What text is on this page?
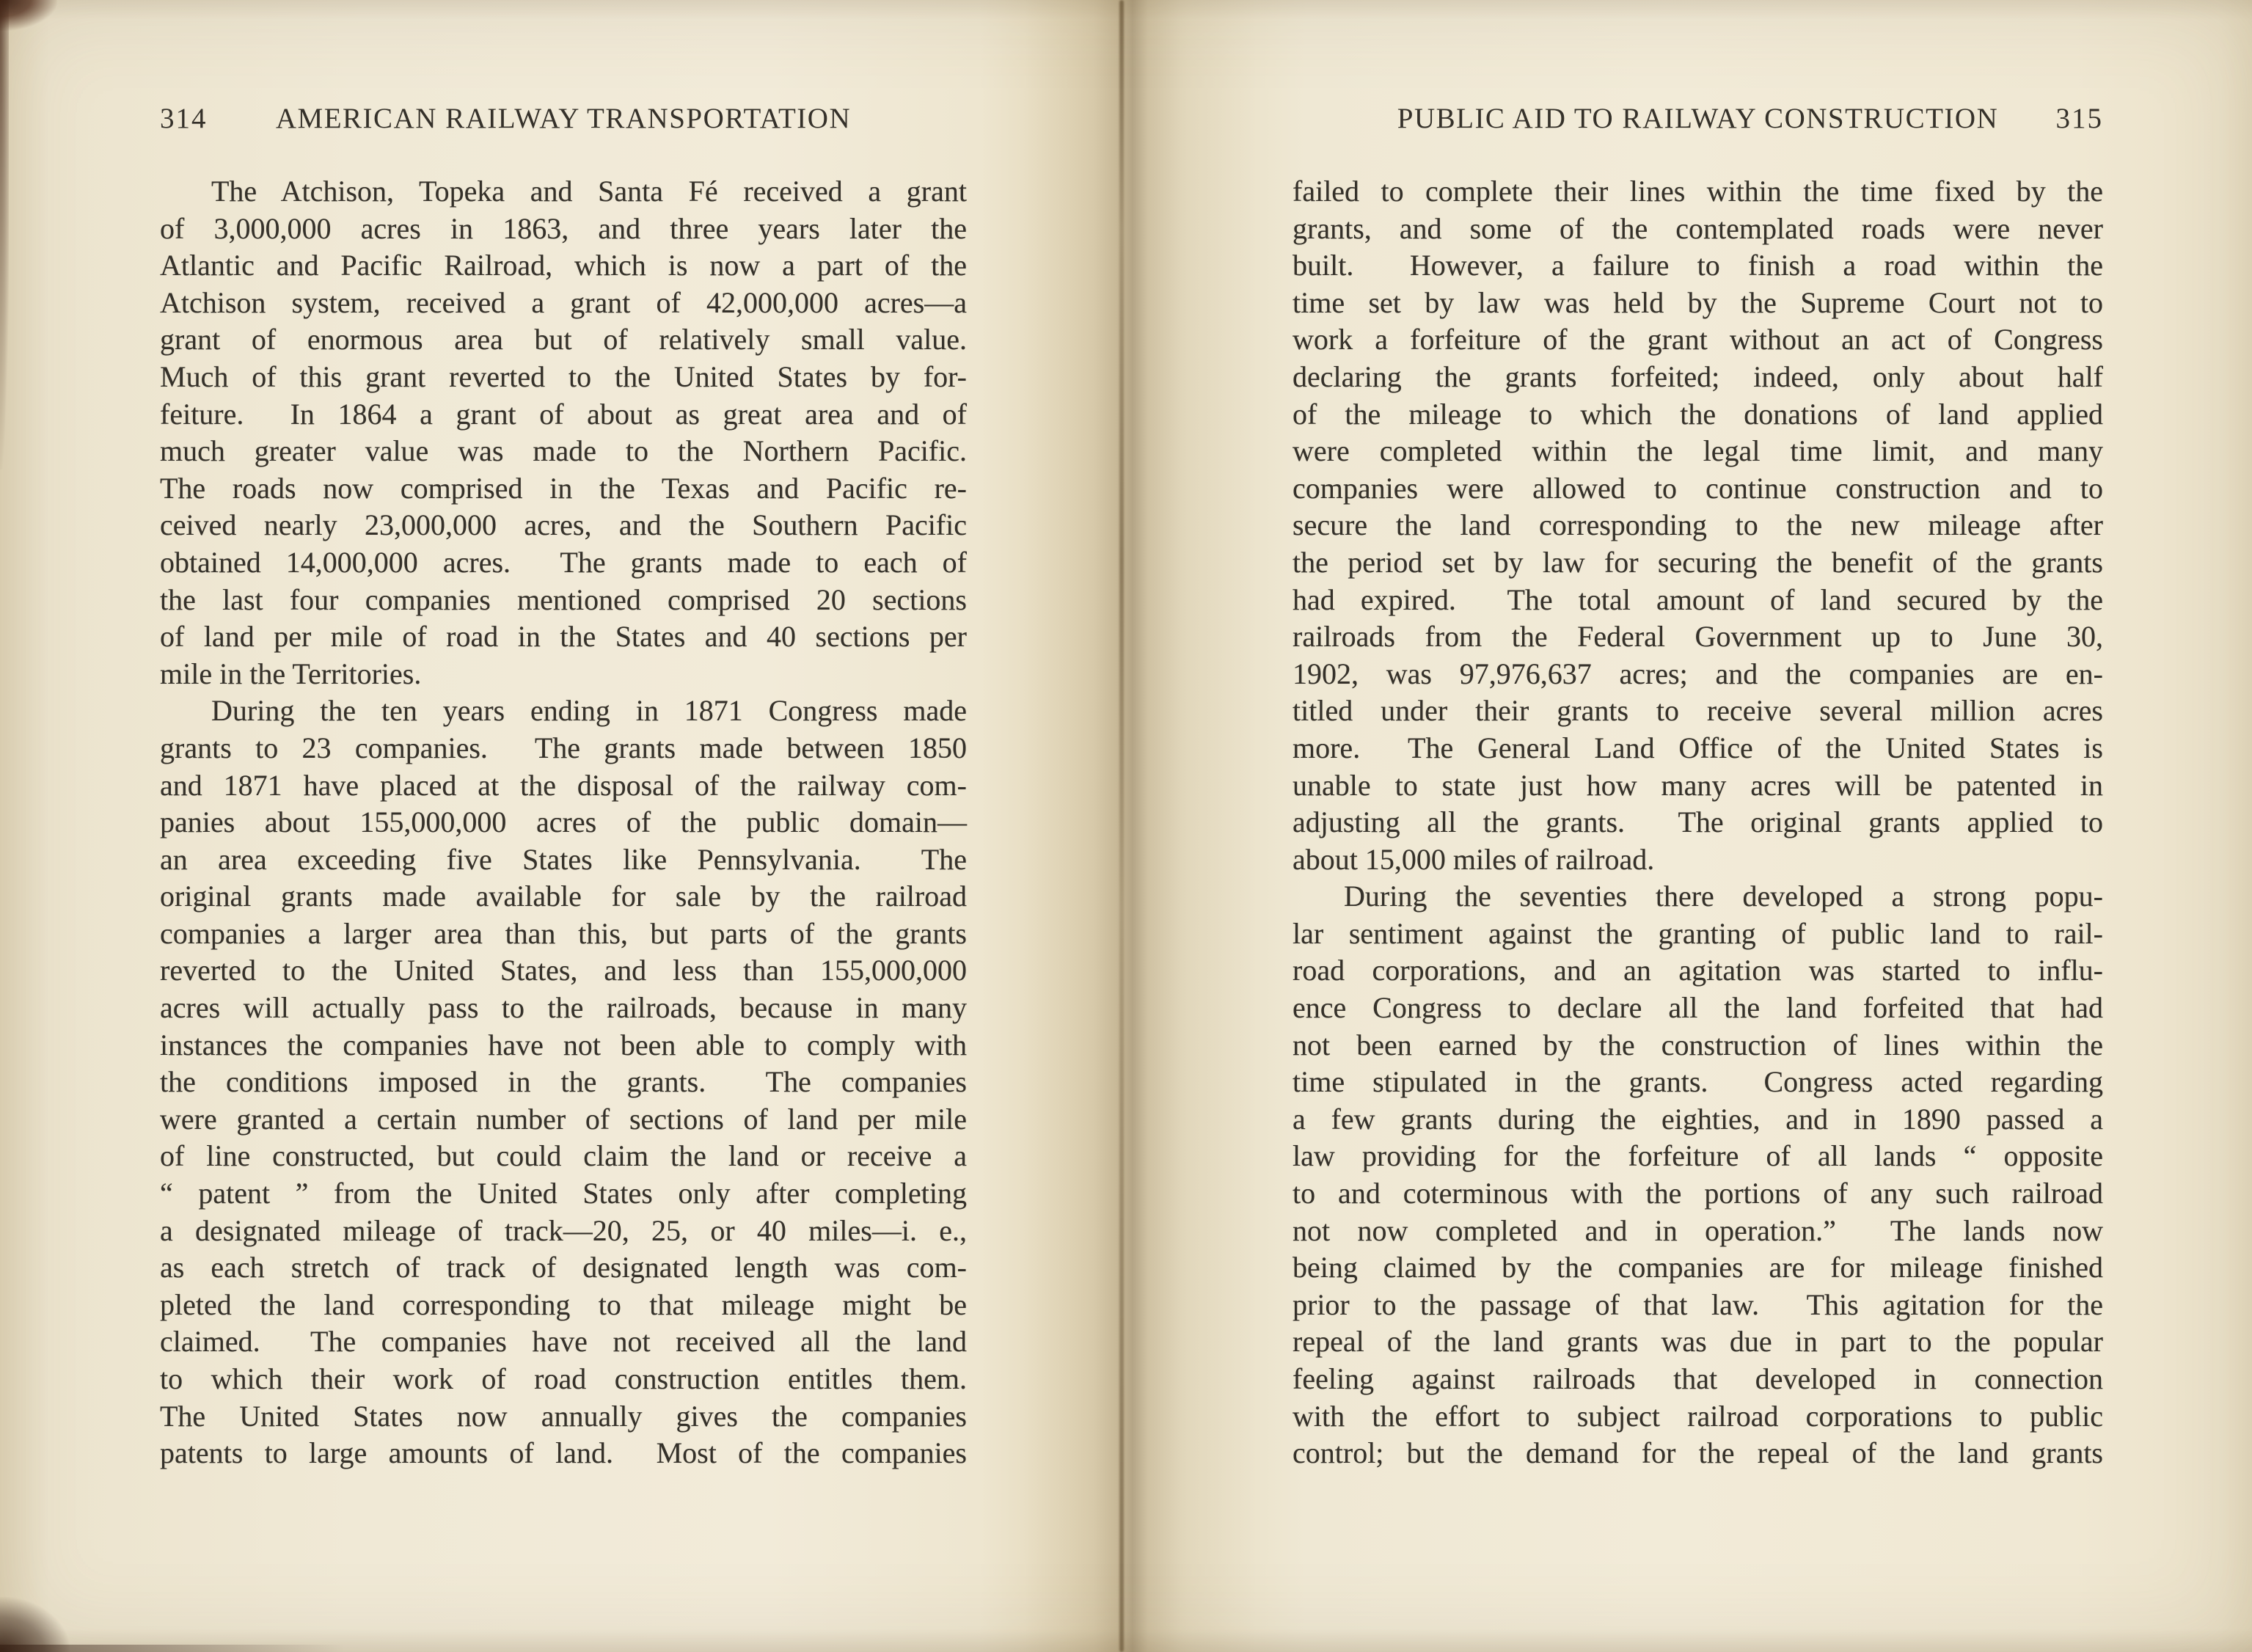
314 AMERICAN RAILWAY TRANSPORTATION
The Atchison, Topeka and Santa Fé received a grant
of 3,000,000 acres in 1863, and three years later the
Atlantic and Pacific Railroad, which is now a part of the
Atchison system, received a grant of 42,000,000 acres—a
grant of enormous area but of relatively small value.
Much of this grant reverted to the United States by for-
feiture.  In 1864 a grant of about as great area and of
much greater value was made to the Northern Pacific.
The roads now comprised in the Texas and Pacific re-
ceived nearly 23,000,000 acres, and the Southern Pacific
obtained 14,000,000 acres.  The grants made to each of
the last four companies mentioned comprised 20 sections
of land per mile of road in the States and 40 sections per
mile in the Territories.
During the ten years ending in 1871 Congress made
grants to 23 companies.  The grants made between 1850
and 1871 have placed at the disposal of the railway com-
panies about 155,000,000 acres of the public domain—
an area exceeding five States like Pennsylvania.  The
original grants made available for sale by the railroad
companies a larger area than this, but parts of the grants
reverted to the United States, and less than 155,000,000
acres will actually pass to the railroads, because in many
instances the companies have not been able to comply with
the conditions imposed in the grants.  The companies
were granted a certain number of sections of land per mile
of line constructed, but could claim the land or receive a
“ patent ” from the United States only after completing
a designated mileage of track—20, 25, or 40 miles—i. e.,
as each stretch of track of designated length was com-
pleted the land corresponding to that mileage might be
claimed.  The companies have not received all the land
to which their work of road construction entitles them.
The United States now annually gives the companies
patents to large amounts of land.  Most of the companies
PUBLIC AID TO RAILWAY CONSTRUCTION 315
failed to complete their lines within the time fixed by the
grants, and some of the contemplated roads were never
built.  However, a failure to finish a road within the
time set by law was held by the Supreme Court not to
work a forfeiture of the grant without an act of Congress
declaring the grants forfeited; indeed, only about half
of the mileage to which the donations of land applied
were completed within the legal time limit, and many
companies were allowed to continue construction and to
secure the land corresponding to the new mileage after
the period set by law for securing the benefit of the grants
had expired.  The total amount of land secured by the
railroads from the Federal Government up to June 30,
1902, was 97,976,637 acres; and the companies are en-
titled under their grants to receive several million acres
more.  The General Land Office of the United States is
unable to state just how many acres will be patented in
adjusting all the grants.  The original grants applied to
about 15,000 miles of railroad.
During the seventies there developed a strong popu-
lar sentiment against the granting of public land to rail-
road corporations, and an agitation was started to influ-
ence Congress to declare all the land forfeited that had
not been earned by the construction of lines within the
time stipulated in the grants.  Congress acted regarding
a few grants during the eighties, and in 1890 passed a
law providing for the forfeiture of all lands “ opposite
to and coterminous with the portions of any such railroad
not now completed and in operation.”  The lands now
being claimed by the companies are for mileage finished
prior to the passage of that law.  This agitation for the
repeal of the land grants was due in part to the popular
feeling against railroads that developed in connection
with the effort to subject railroad corporations to public
control; but the demand for the repeal of the land grants
